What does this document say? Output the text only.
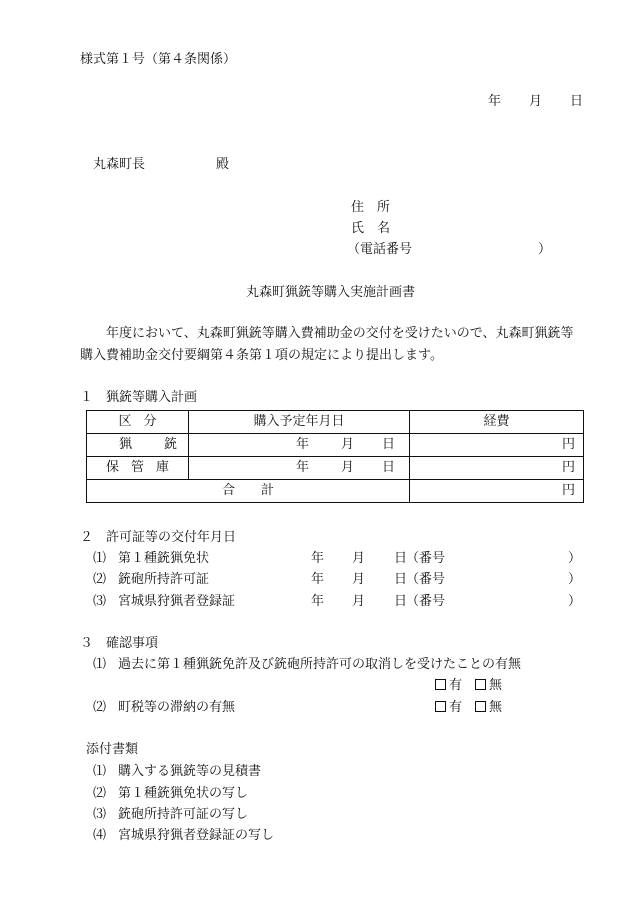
様式第１号（第４条関係）
年 月 日
丸森町長	殿
住　所
氏　名
（電話番号	）
丸森町猟銃等購入実施計画書
　　年度において、丸森町猟銃等購入費補助金の交付を受けたいので、丸森町猟銃等購入費補助金交付要綱第４条第１項の規定により提出します。
１　猟銃等購入計画
区分	購入予定年月日	経費
猟銃	年 月 日	円
保管庫	年 月 日	円
合計		円
２　許可証等の交付年月日
⑴ 第１種銃猟免状	年 月 日
（番号	）
⑵ 銃砲所持許可証	年 月 日
（番号	）
⑶ 宮城県狩猟者登録証	年 月 日
（番号	）
３　確認事項
⑴ 過去に第１種猟銃免許及び銃砲所持許可の取消しを受けたことの有無
有	無
⑵ 町税等の滞納の有無	有	無
添付書類
⑴ 購入する猟銃等の見積書
⑵ 第１種銃猟免状の写し
⑶ 銃砲所持許可証の写し
⑷ 宮城県狩猟者登録証の写し
